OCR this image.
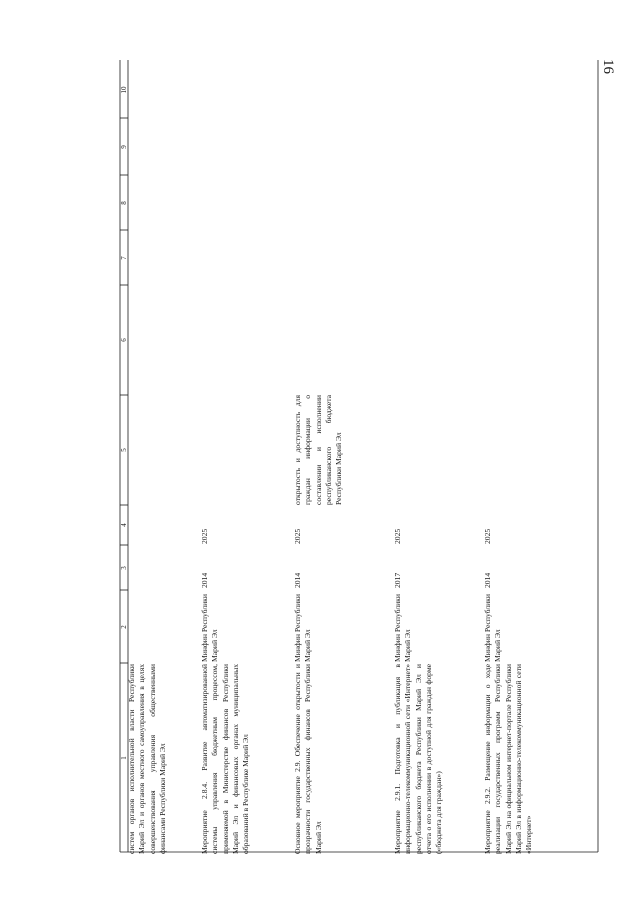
16
1
2
3
4
5
6
7
8
9
10
систем органов исполнительной власти Республики Марий Эл и органов местного самоуправления в целях совершенствования управления общественными финансами Республики Марий Эл	Мероприятие 2.8.4. Развитие автоматизированной системы управления бюджетным процессом, применяемой в Министерстве финансов Республики Марий Эл и финансовых органах муниципальных образований в Республике Марий Эл
Минфин Республики Марий Эл
2014
2025
Основное мероприятие 2.9. Обеспечение открытости и прозрачности государственных финансов Республики Марий Эл
Минфин Республики Марий Эл
2014
2025
открытость и доступность для граждан информации о составлении и исполнении республиканского бюджета Республики Марий Эл
Мероприятие 2.9.1. Подготовка и публикация в информационно-телекоммуникационной сети «Интернет» республиканского бюджета Республики Марий Эл и отчета о его исполнении в доступной для граждан форме («бюджета для граждан»)
Минфин Республики Марий Эл
2017
2025
Мероприятие 2.9.2. Размещение информации о ходе реализации государственных программ Республики Марий Эл на официальном интернет-портале Республики Марий Эл в информационно-телекоммуникационной сети «Интернет»
Минфин Республики Марий Эл
2014
2025
